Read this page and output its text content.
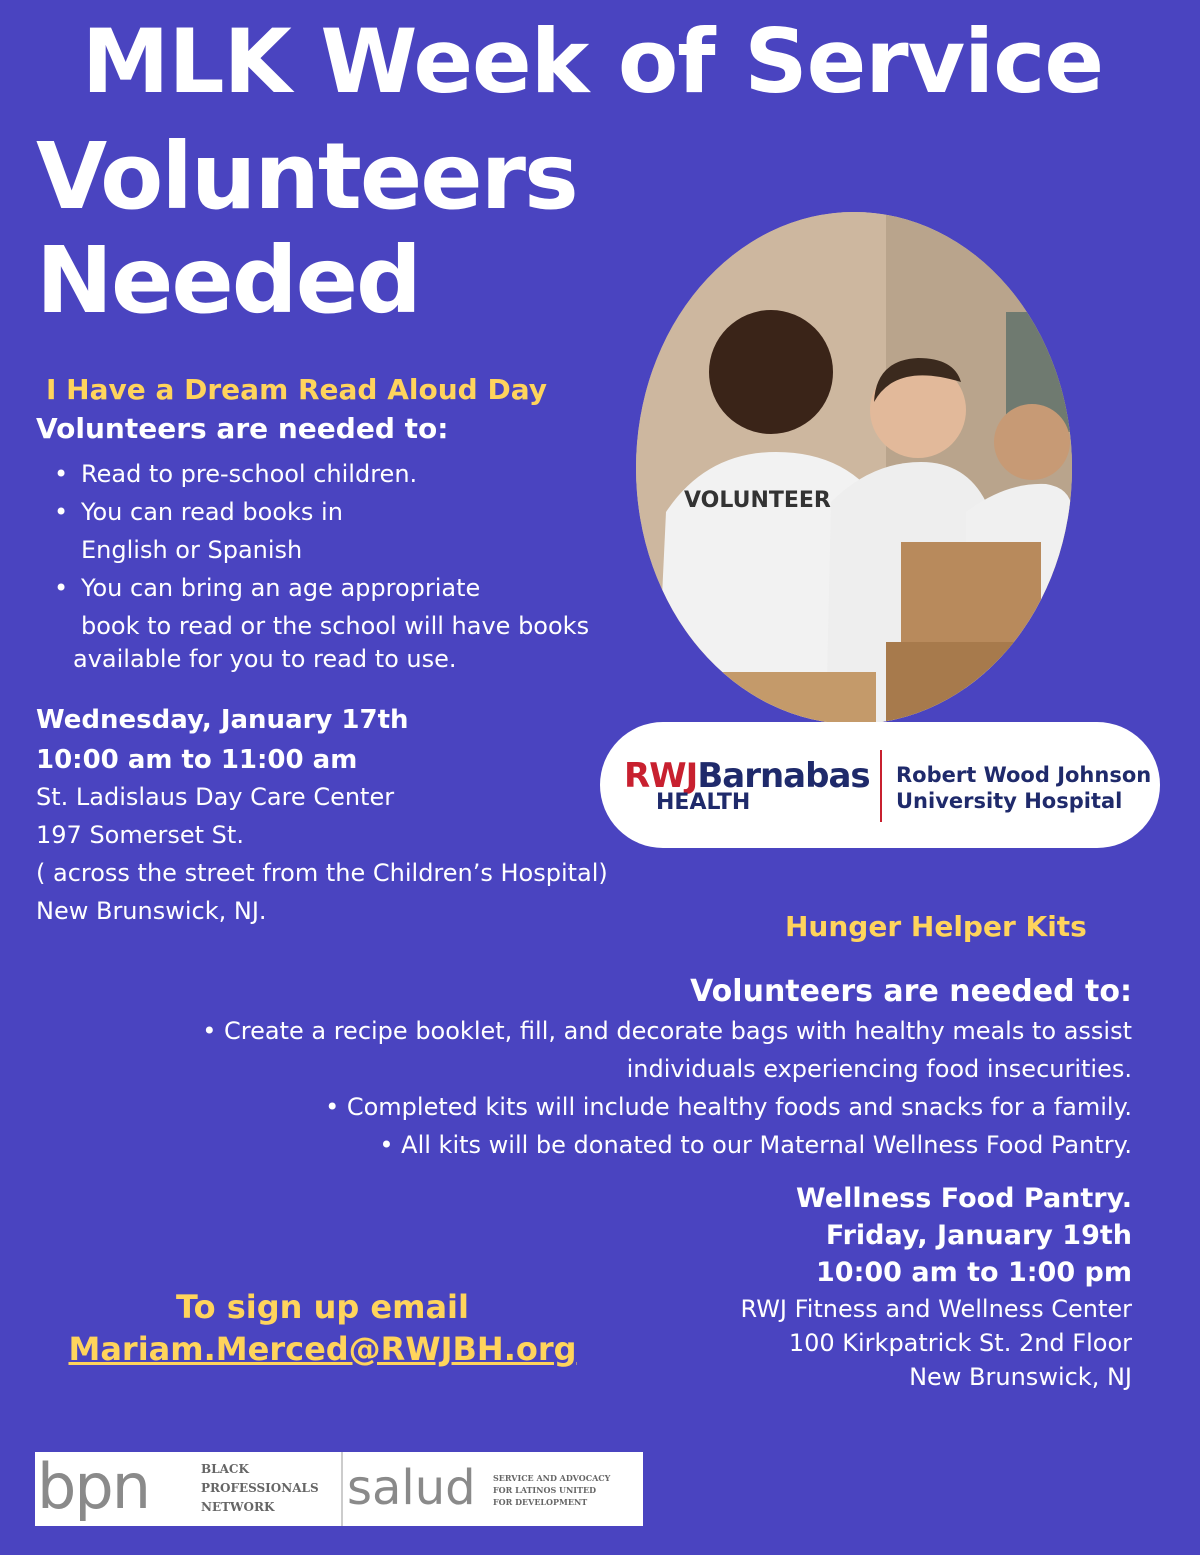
MLK Week of Service
Volunteers
Needed
I Have a Dream Read Aloud Day
Volunteers are needed to:
• Read to pre-school children.
• You can read books in
English or Spanish
• You can bring an age appropriate
book to read or the school will have books
available for you to read to use.
Wednesday, January 17th
10:00 am to 11:00 am
St. Ladislaus Day Care Center
197 Somerset St.
( across the street from the Children’s Hospital)
New Brunswick, NJ.
VOLUNTEER
RWJBarnabas
HEALTH
Robert Wood Johnson
University Hospital
Hunger Helper Kits
Volunteers are needed to:
• Create a recipe booklet, fill, and decorate bags with healthy meals to assist
individuals experiencing food insecurities.
• Completed kits will include healthy foods and snacks for a family.
• All kits will be donated to our Maternal Wellness Food Pantry.
Wellness Food Pantry.
Friday, January 19th
10:00 am to 1:00 pm
RWJ Fitness and Wellness Center
100 Kirkpatrick St. 2nd Floor
New Brunswick, NJ
To sign up email
Mariam.Merced@RWJBH.org
bpn	BLACK
PROFESSIONALS
NETWORK	salud SERVICE AND ADVOCACY
FOR LATINOS UNITED
FOR DEVELOPMENT
